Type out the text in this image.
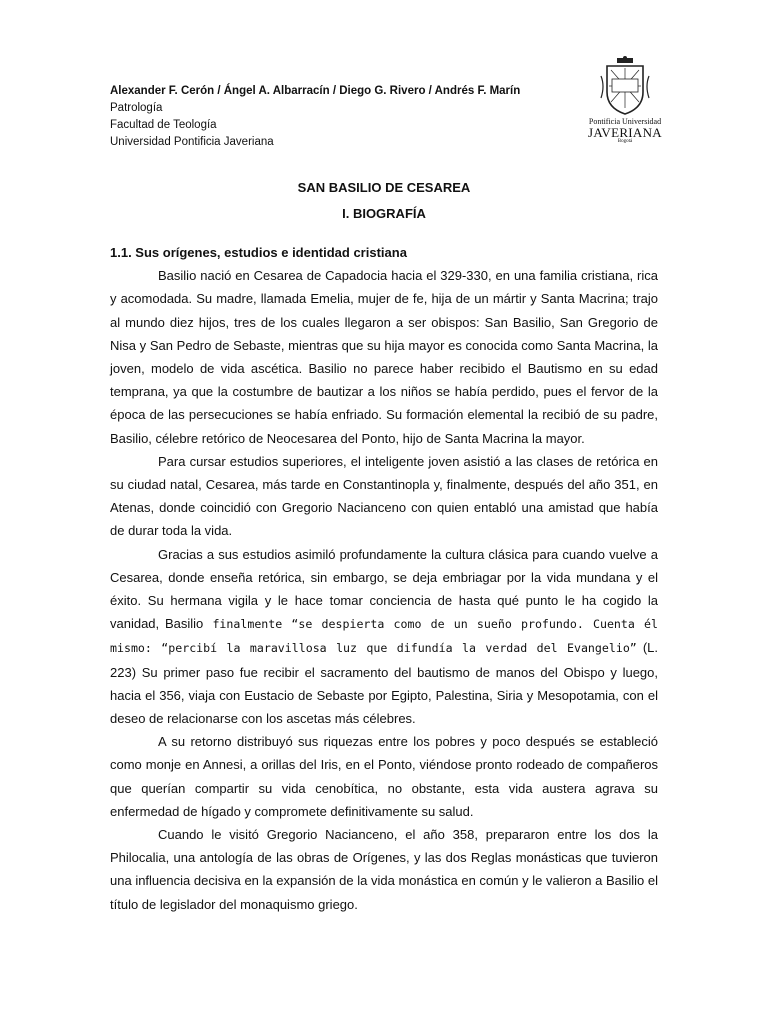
Alexander F. Cerón / Ángel A. Albarracín / Diego G. Rivero / Andrés F. Marín
Patrología
Facultad de Teología
Universidad Pontificia Javeriana
Pontificia Universidad
JAVERIANA
Bogotá
SAN BASILIO DE CESAREA
I. BIOGRAFÍA
1.1. Sus orígenes, estudios e identidad cristiana

Basilio nació en Cesarea de Capadocia hacia el 329-330, en una familia cristiana, rica y acomodada. Su madre, llamada Emelia, mujer de fe, hija de un mártir y Santa Macrina; trajo al mundo diez hijos, tres de los cuales llegaron a ser obispos: San Basilio, San Gregorio de Nisa y San Pedro de Sebaste, mientras que su hija mayor es conocida como Santa Macrina, la joven, modelo de vida ascética. Basilio no parece haber recibido el Bautismo en su edad temprana, ya que la costumbre de bautizar a los niños se había perdido, pues el fervor de la época de las persecuciones se había enfriado. Su formación elemental la recibió de su padre, Basilio, célebre retórico de Neocesarea del Ponto, hijo de Santa Macrina la mayor.

Para cursar estudios superiores, el inteligente joven asistió a las clases de retórica en su ciudad natal, Cesarea, más tarde en Constantinopla y, finalmente, después del año 351, en Atenas, donde coincidió con Gregorio Nacianceno con quien entabló una amistad que había de durar toda la vida.

Gracias a sus estudios asimiló profundamente la cultura clásica para cuando vuelve a Cesarea, donde enseña retórica, sin embargo, se deja embriagar por la vida mundana y el éxito. Su hermana vigila y le hace tomar conciencia de hasta qué punto le ha cogido la vanidad, Basilio finalmente “se despierta como de un sueño profundo. Cuenta él mismo: “percibí la maravillosa luz que difundía la verdad del Evangelio” (L. 223) Su primer paso fue recibir el sacramento del bautismo de manos del Obispo y luego, hacia el 356, viaja con Eustacio de Sebaste por Egipto, Palestina, Siria y Mesopotamia, con el deseo de relacionarse con los ascetas más célebres.

A su retorno distribuyó sus riquezas entre los pobres y poco después se estableció como monje en Annesi, a orillas del Iris, en el Ponto, viéndose pronto rodeado de compañeros que querían compartir su vida cenobítica, no obstante, esta vida austera agrava su enfermedad de hígado y compromete definitivamente su salud.

Cuando le visitó Gregorio Nacianceno, el año 358, prepararon entre los dos la Philocalia, una antología de las obras de Orígenes, y las dos Reglas monásticas que tuvieron una influencia decisiva en la expansión de la vida monástica en común y le valieron a Basilio el título de legislador del monaquismo griego.
